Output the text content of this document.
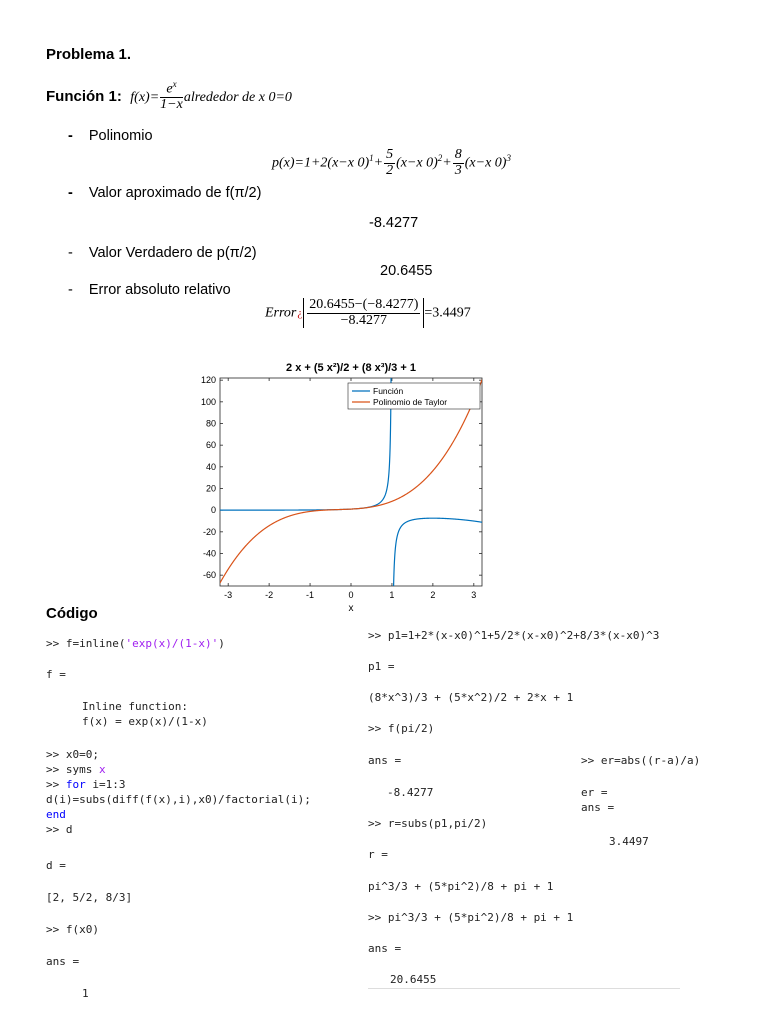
Problema 1.
Función 1: $f(x)= \frac{e^x}{1-x}$ alrededor de x 0=0
- Polinomio
p(x)=1+2(x−x $0)^1+ \frac{5}{2} (x-x$ $0)^2+ \frac{8}{3} (x-x$ 0)$^3$
- Valor aproximado de f(π/2)
-8.4277
- Valor Verdadero de p(π/2)
20.6455
- Error absoluto relativo
Error¿ $\frac{20.6455-(-8.4277)}{-8.4277} =3.4497$
2 x + (5 x²)/2 + (8 x³)/3 + 1
-3	-2	-1	0	1	2	3
-60
-40
-20
0
20
40
60
80
100
120
x
Función
Polinomio de Taylor
Código
>> f=inline('exp(x)/(1-x)')
f =
Inline function:
f(x) = exp(x)/(1-x)
>> x0=0;
>> syms x
>> for i=1:3
d(i)=subs(diff(f(x),i),x0)/factorial(i);
end
>> d
d =
[2, 5/2, 8/3]
>> f(x0)
ans =
1
>> p1=1+2*(x-x0)^1+5/2*(x-x0)^2+8/3*(x-x0)^3
p1 =
(8*x^3)/3 + (5*x^2)/2 + 2*x + 1
>> f(pi/2)
ans =
-8.4277
>> r=subs(p1,pi/2)
r =
pi^3/3 + (5*pi^2)/8 + pi + 1
>> pi^3/3 + (5*pi^2)/8 + pi + 1
ans =
20.6455
>> er=abs((r-a)/a)
er =
ans =
3.4497
